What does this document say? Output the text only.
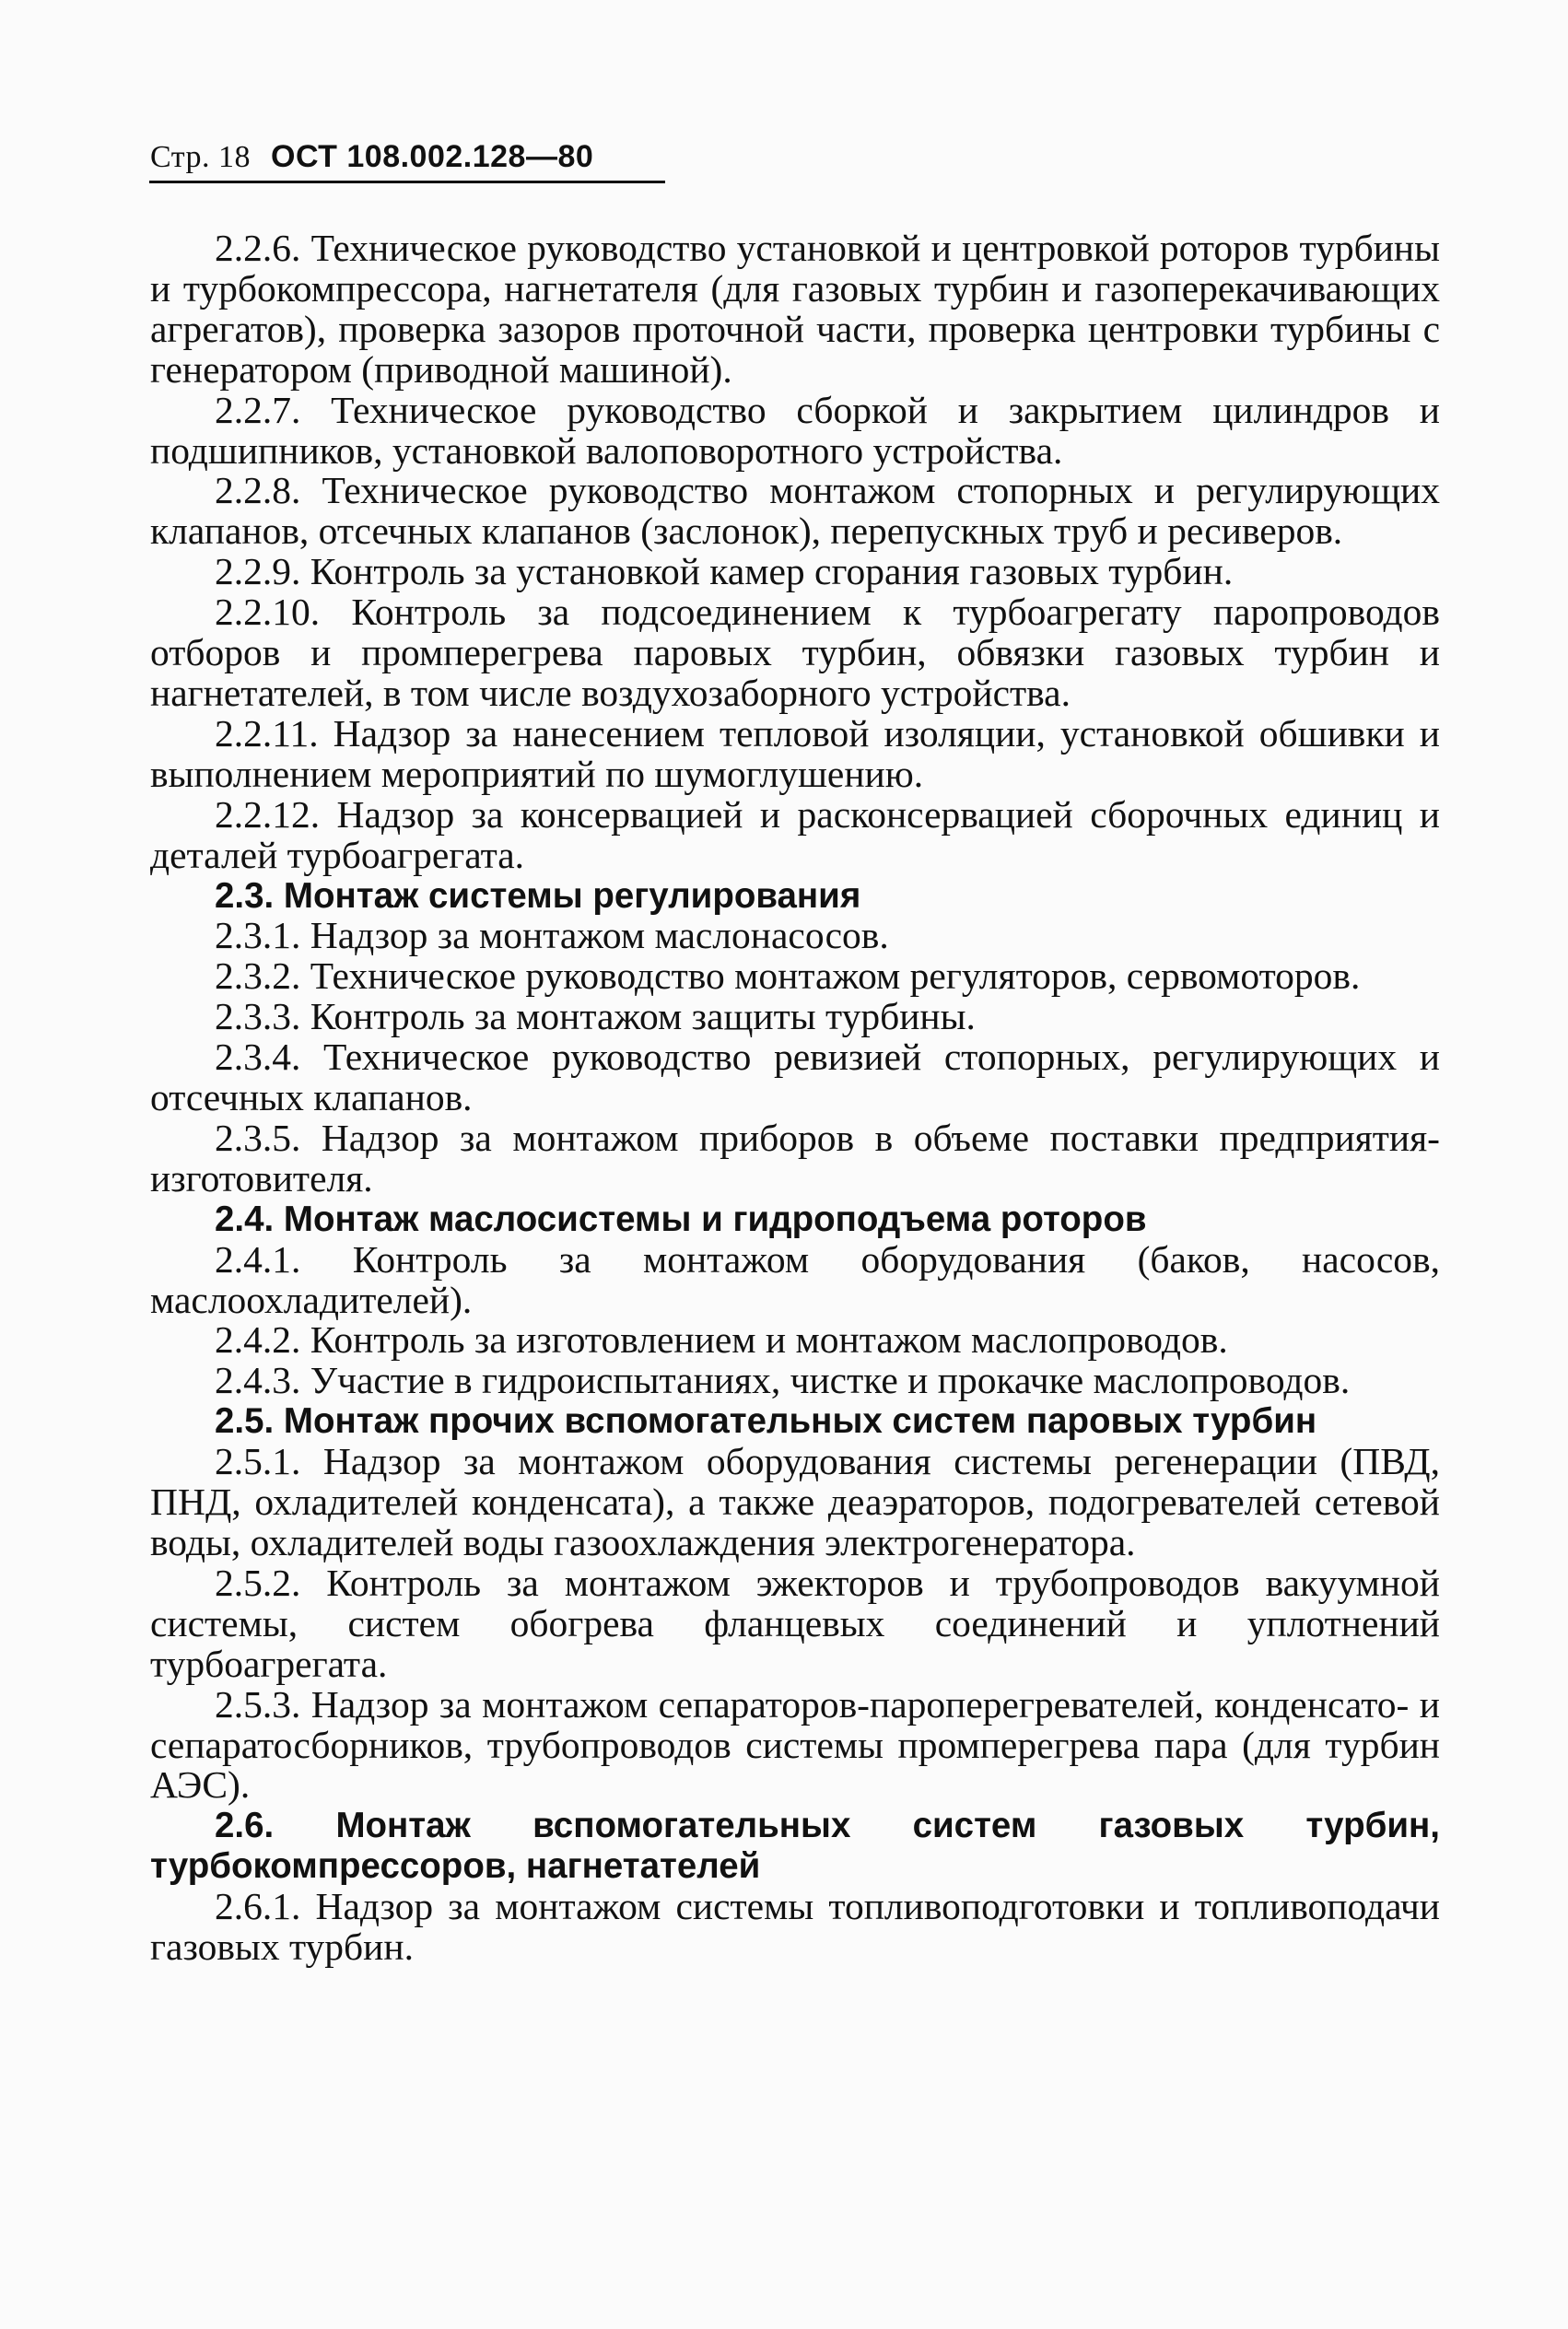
Стр. 18 ОСТ 108.002.128—80

2.2.6. Техническое руководство установкой и центровкой роторов турбины и турбокомпрессора, нагнетателя (для газовых турбин и газоперекачивающих агрегатов), проверка зазоров проточной части, проверка центровки турбины с генератором (приводной машиной).

2.2.7. Техническое руководство сборкой и закрытием цилиндров и подшипников, установкой валоповоротного устройства.

2.2.8. Техническое руководство монтажом стопорных и регулирующих клапанов, отсечных клапанов (заслонок), перепускных труб и ресиверов.

2.2.9. Контроль за установкой камер сгорания газовых турбин.

2.2.10. Контроль за подсоединением к турбоагрегату паропроводов отборов и промперегрева паровых турбин, обвязки газовых турбин и нагнетателей, в том числе воздухозаборного устройства.

2.2.11. Надзор за нанесением тепловой изоляции, установкой обшивки и выполнением мероприятий по шумоглушению.

2.2.12. Надзор за консервацией и расконсервацией сборочных единиц и деталей турбоагрегата.

2.3. Монтаж системы регулирования

2.3.1. Надзор за монтажом маслонасосов.

2.3.2. Техническое руководство монтажом регуляторов, сервомоторов.

2.3.3. Контроль за монтажом защиты турбины.

2.3.4. Техническое руководство ревизией стопорных, регулирующих и отсечных клапанов.

2.3.5. Надзор за монтажом приборов в объеме поставки предприятия-изготовителя.

2.4. Монтаж маслосистемы и гидроподъема роторов

2.4.1. Контроль за монтажом оборудования (баков, насосов, маслоохладителей).

2.4.2. Контроль за изготовлением и монтажом маслопроводов.

2.4.3. Участие в гидроиспытаниях, чистке и прокачке маслопроводов.

2.5. Монтаж прочих вспомогательных систем паровых турбин

2.5.1. Надзор за монтажом оборудования системы регенерации (ПВД, ПНД, охладителей конденсата), а также деаэраторов, подогревателей сетевой воды, охладителей воды газоохлаждения электрогенератора.

2.5.2. Контроль за монтажом эжекторов и трубопроводов вакуумной системы, систем обогрева фланцевых соединений и уплотнений турбоагрегата.

2.5.3. Надзор за монтажом сепараторов-пароперегревателей, конденсато- и сепаратосборников, трубопроводов системы промперегрева пара (для турбин АЭС).

2.6. Монтаж вспомогательных систем газовых турбин, турбокомпрессоров, нагнетателей

2.6.1. Надзор за монтажом системы топливоподготовки и топливоподачи газовых турбин.
